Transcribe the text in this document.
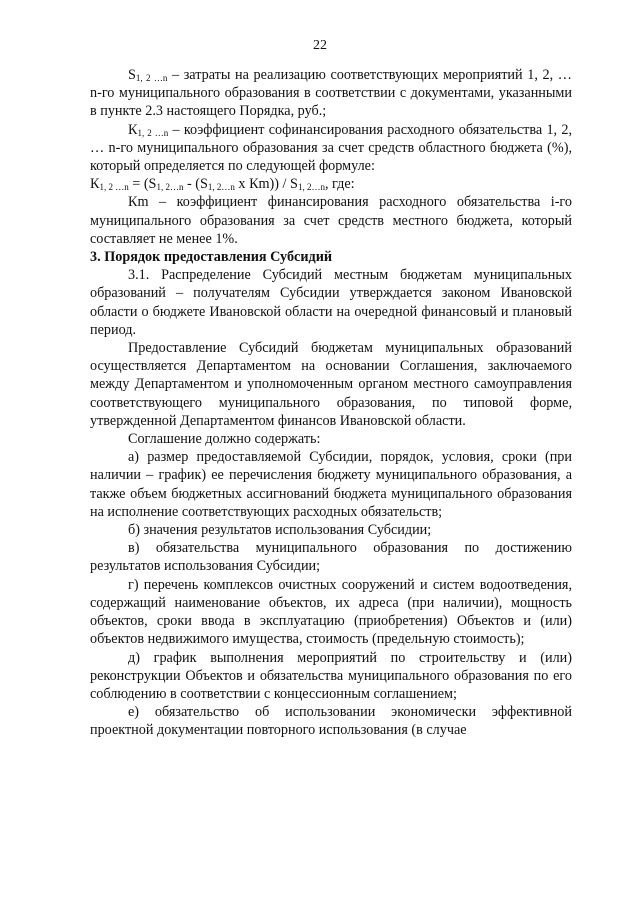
22

$S_{1, 2 \dots n}$ – затраты на реализацию соответствующих мероприятий 1, 2, … n-го муниципального образования в соответствии с документами, указанными в пункте 2.3 настоящего Порядка, руб.;

$К_{1, 2 \dots n}$ – коэффициент софинансирования расходного обязательства 1, 2, … n-го муниципального образования за счет средств областного бюджета (%), который определяется по следующей формуле:

$К_{1, 2 \dots n} = (S_{1, 2\dots n} - (S_{1, 2\dots n}$ x $Кm)) / S_{1, 2\dots n}$, где:

Кm – коэффициент финансирования расходного обязательства i-го муниципального образования за счет средств местного бюджета, который составляет не менее 1%.

3. Порядок предоставления Субсидий

3.1. Распределение Субсидий местным бюджетам муниципальных образований – получателям Субсидии утверждается законом Ивановской области о бюджете Ивановской области на очередной финансовый и плановый период.

Предоставление Субсидий бюджетам муниципальных образований осуществляется Департаментом на основании Соглашения, заключаемого между Департаментом и уполномоченным органом местного самоуправления соответствующего муниципального образования, по типовой форме, утвержденной Департаментом финансов Ивановской области.

Соглашение должно содержать:

а) размер предоставляемой Субсидии, порядок, условия, сроки (при наличии – график) ее перечисления бюджету муниципального образования, а также объем бюджетных ассигнований бюджета муниципального образования на исполнение соответствующих расходных обязательств;

б) значения результатов использования Субсидии;

в) обязательства муниципального образования по достижению результатов использования Субсидии;

г) перечень комплексов очистных сооружений и систем водоотведения, содержащий наименование объектов, их адреса (при наличии), мощность объектов, сроки ввода в эксплуатацию (приобретения) Объектов и (или) объектов недвижимого имущества, стоимость (предельную стоимость);

д) график выполнения мероприятий по строительству и (или) реконструкции Объектов и обязательства муниципального образования по его соблюдению в соответствии с концессионным соглашением;

е) обязательство об использовании экономически эффективной проектной документации повторного использования (в случае
